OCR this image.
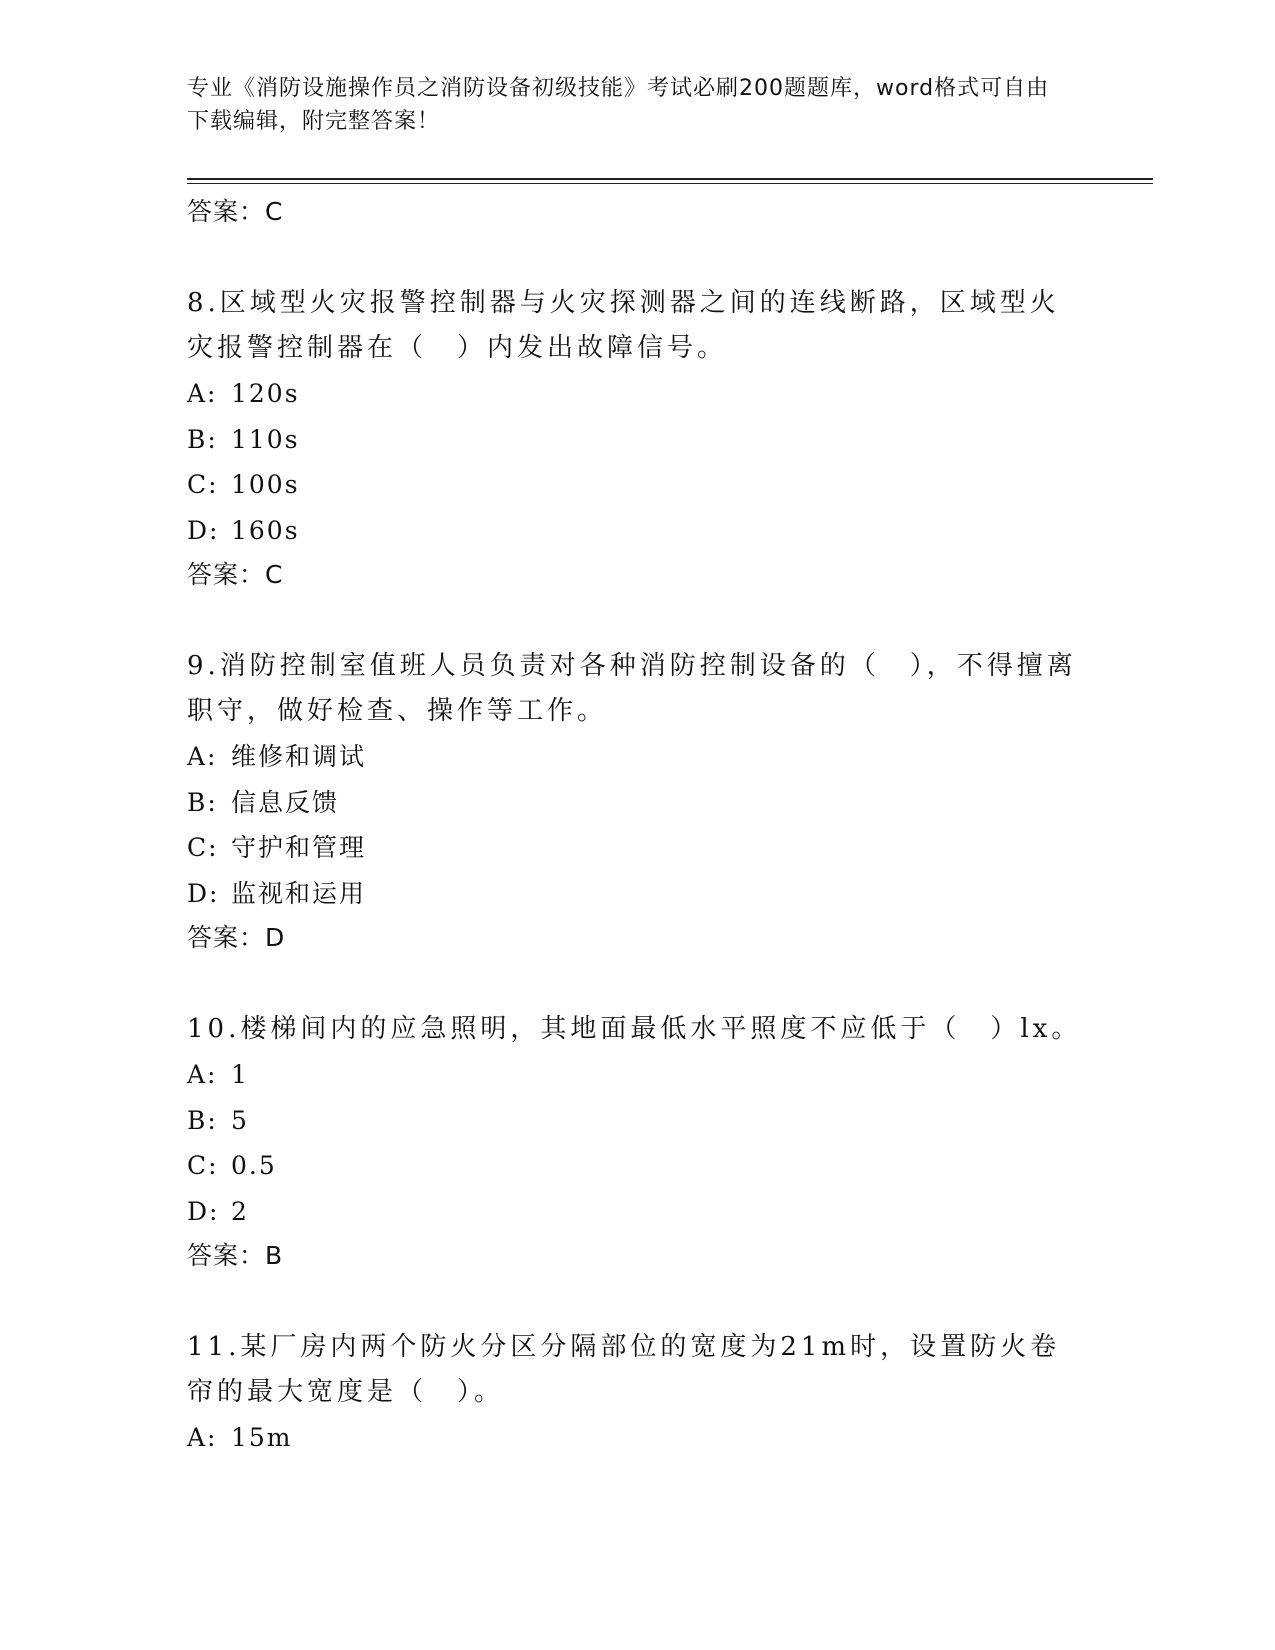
专业《消防设施操作员之消防设备初级技能》考试必刷200题题库，word格式可自由下载编辑，附完整答案！
答案：C
8.区域型火灾报警控制器与火灾探测器之间的连线断路，区域型火灾报警控制器在（　）内发出故障信号。
A: 120s
B: 110s
C: 100s
D: 160s
答案：C
9.消防控制室值班人员负责对各种消防控制设备的（　），不得擅离职守，做好检查、操作等工作。
A: 维修和调试
B: 信息反馈
C: 守护和管理
D: 监视和运用
答案：D
10.楼梯间内的应急照明，其地面最低水平照度不应低于（　）lx。
A: 1
B: 5
C: 0.5
D: 2
答案：B
11.某厂房内两个防火分区分隔部位的宽度为21m时，设置防火卷帘的最大宽度是（　）。
A: 15m
